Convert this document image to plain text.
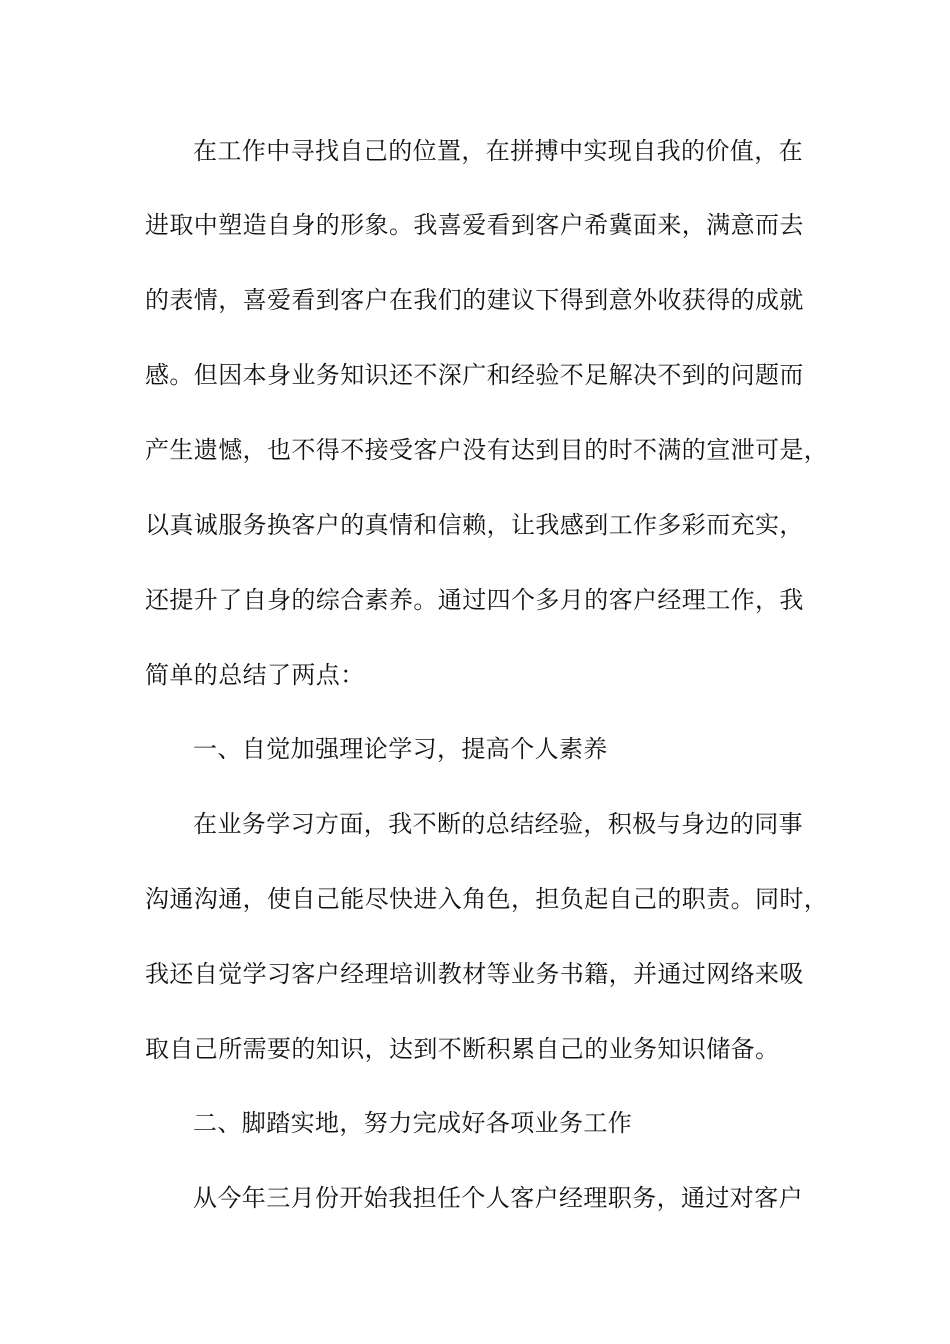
在工作中寻找自己的位置，在拼搏中实现自我的价值，在
进取中塑造自身的形象。我喜爱看到客户希冀面来，满意而去
的表情，喜爱看到客户在我们的建议下得到意外收获得的成就
感。但因本身业务知识还不深广和经验不足解决不到的问题而
产生遗憾，也不得不接受客户没有达到目的时不满的宣泄可是，
以真诚服务换客户的真情和信赖，让我感到工作多彩而充实，
还提升了自身的综合素养。通过四个多月的客户经理工作，我
简单的总结了两点：
一、自觉加强理论学习，提高个人素养
在业务学习方面，我不断的总结经验，积极与身边的同事
沟通沟通，使自己能尽快进入角色，担负起自己的职责。同时，
我还自觉学习客户经理培训教材等业务书籍，并通过网络来吸
取自己所需要的知识，达到不断积累自己的业务知识储备。
二、脚踏实地，努力完成好各项业务工作
从今年三月份开始我担任个人客户经理职务，通过对客户
